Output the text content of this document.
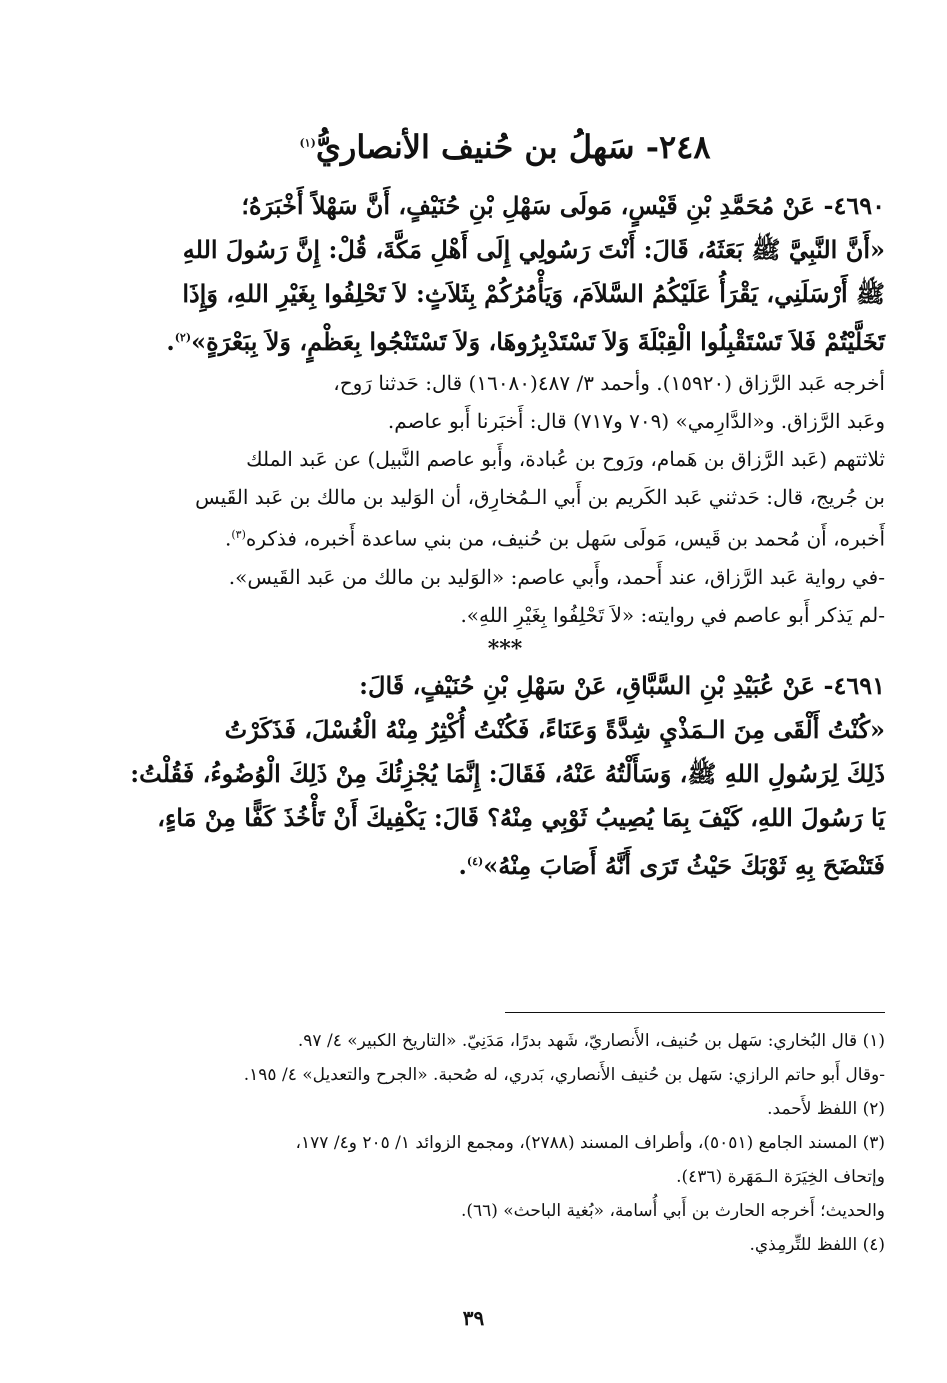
٢٤٨- سَهلُ بن حُنيف الأنصاريُّ$^{(١)}$
٤٦٩٠- عَنْ مُحَمَّدِ بْنِ قَيْسٍ، مَولَى سَهْلِ بْنِ حُنَيْفٍ، أَنَّ سَهْلاً أَخْبَرَهُ؛
«أَنَّ النَّبِيَّ ﷺ بَعَثَهُ، قَالَ: أَنْتَ رَسُولِي إِلَى أَهْلِ مَكَّةَ، قُلْ: إِنَّ رَسُولَ اللهِ
ﷺ أَرْسَلَنِي، يَقْرَأُ عَلَيْكُمُ السَّلاَمَ، وَيَأْمُرُكُمْ بِثَلاَثٍ: لاَ تَحْلِفُوا بِغَيْرِ اللهِ، وَإِذَا
تَخَلَّيْتُمْ فَلاَ تَسْتَقْبِلُوا الْقِبْلَةَ وَلاَ تَسْتَدْبِرُوهَا، وَلاَ تَسْتَنْجُوا بِعَظْمٍ، وَلاَ بِبَعْرَةٍ»$^{(٢)}$.
أخرجه عَبد الرَّزاق (١٥٩٢٠). وأحمد ٣/ ٤٨٧(١٦٠٨٠) قال: حَدثنا رَوح،
وعَبد الرَّزاق. و«الدَّارِمي» (٧٠٩ و٧١٧) قال: أَخبَرنا أَبو عاصم.
ثلاثتهم (عَبد الرَّزاق بن هَمام، ورَوح بن عُبادة، وأَبو عاصم النَّبيل) عن عَبد الملك
بن جُريج، قال: حَدثني عَبد الكَريم بن أَبي الـمُخارِق، أن الوَليد بن مالك بن عَبد القَيس
أَخبره، أَن مُحمد بن قَيس، مَولَى سَهل بن حُنيف، من بني ساعدة أَخبره، فذكره$^{(٣)}$.
-في رواية عَبد الرَّزاق، عند أَحمد، وأَبي عاصم: «الوَليد بن مالك من عَبد القَيس».
-لم يَذكر أَبو عاصم في روايته: «لاَ تَحْلِفُوا بِغَيْرِ اللهِ».
***
٤٦٩١- عَنْ عُبَيْدِ بْنِ السَّبَّاقِ، عَنْ سَهْلِ بْنِ حُنَيْفٍ، قَالَ:
«كُنْتُ أَلْقَى مِنَ الـمَذْيِ شِدَّةً وَعَنَاءً، فَكُنْتُ أُكْثِرُ مِنْهُ الْغُسْلَ، فَذَكَرْتُ
ذَلِكَ لِرَسُولِ اللهِ ﷺ، وَسَأَلْتُهُ عَنْهُ، فَقَالَ: إِنَّمَا يُجْزِئُكَ مِنْ ذَلِكَ الْوُضُوءُ، فَقُلْتُ:
يَا رَسُولَ اللهِ، كَيْفَ بِمَا يُصِيبُ ثَوْبِي مِنْهُ؟ قَالَ: يَكْفِيكَ أَنْ تَأْخُذَ كَفًّا مِنْ مَاءٍ،
فَتَنْضَحَ بِهِ ثَوْبَكَ حَيْثُ تَرَى أَنَّهُ أَصَابَ مِنْهُ»$^{(٤)}$.

(١) قال البُخاري: سَهل بن حُنيف، الأَنصاريّ، شَهد بدرًا، مَدَنِيّ. «التاريخ الكبير» ٤/ ٩٧.

-وقال أَبو حاتم الرازي: سَهل بن حُنيف الأَنصاري، بَدري، له صُحبة. «الجرح والتعديل» ٤/ ١٩٥.

(٢) اللفظ لأَحمد.

(٣) المسند الجامع (٥٠٥١)، وأطراف المسند (٢٧٨٨)، ومجمع الزوائد ١/ ٢٠٥ و٤/ ١٧٧،

وإتحاف الخِيَرَة الـمَهَرة (٤٣٦).

والحديث؛ أَخرجه الحارث بن أَبي أُسامة، «بُغية الباحث» (٦٦).

(٤) اللفظ للتِّرمِذي.

٣٩
